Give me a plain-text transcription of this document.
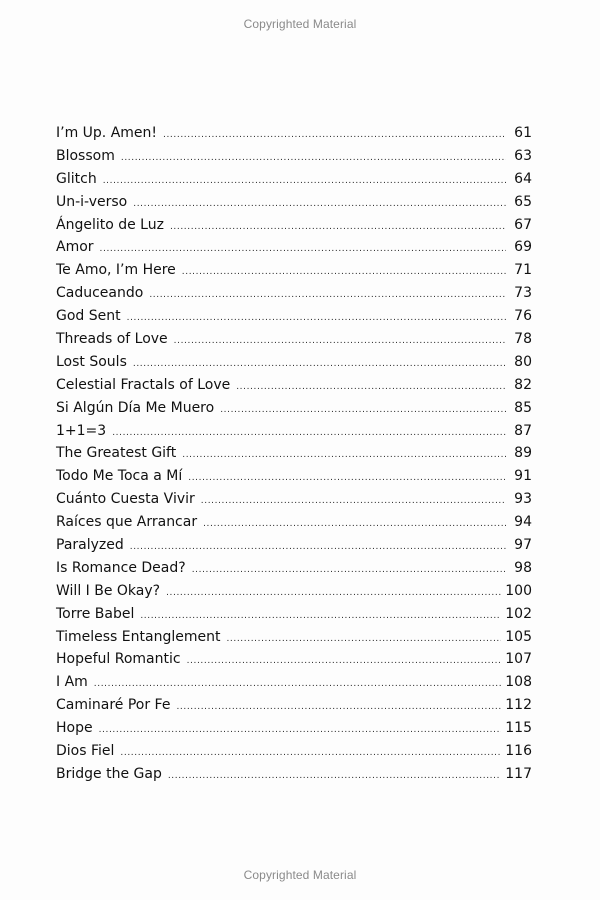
Copyrighted Material
I’m Up. Amen! .....	61
Blossom .....	63
Glitch .....	64
Un-i-verso .....	65
Ángelito de Luz .....	67
Amor .....	69
Te Amo, I’m Here .....	71
Caduceando .....	73
God Sent .....	76
Threads of Love .....	78
Lost Souls .....	80
Celestial Fractals of Love .....	82
Si Algún Día Me Muero .....	85
1+1=3 .....	87
The Greatest Gift .....	89
Todo Me Toca a Mí .....	91
Cuánto Cuesta Vivir .....	93
Raíces que Arrancar .....	94
Paralyzed .....	97
Is Romance Dead? .....	98
Will I Be Okay? .....	100
Torre Babel .....	102
Timeless Entanglement .....	105
Hopeful Romantic .....	107
I Am .....	108
Caminaré Por Fe .....	112
Hope .....	115
Dios Fiel .....	116
Bridge the Gap .....	117
Copyrighted Material
